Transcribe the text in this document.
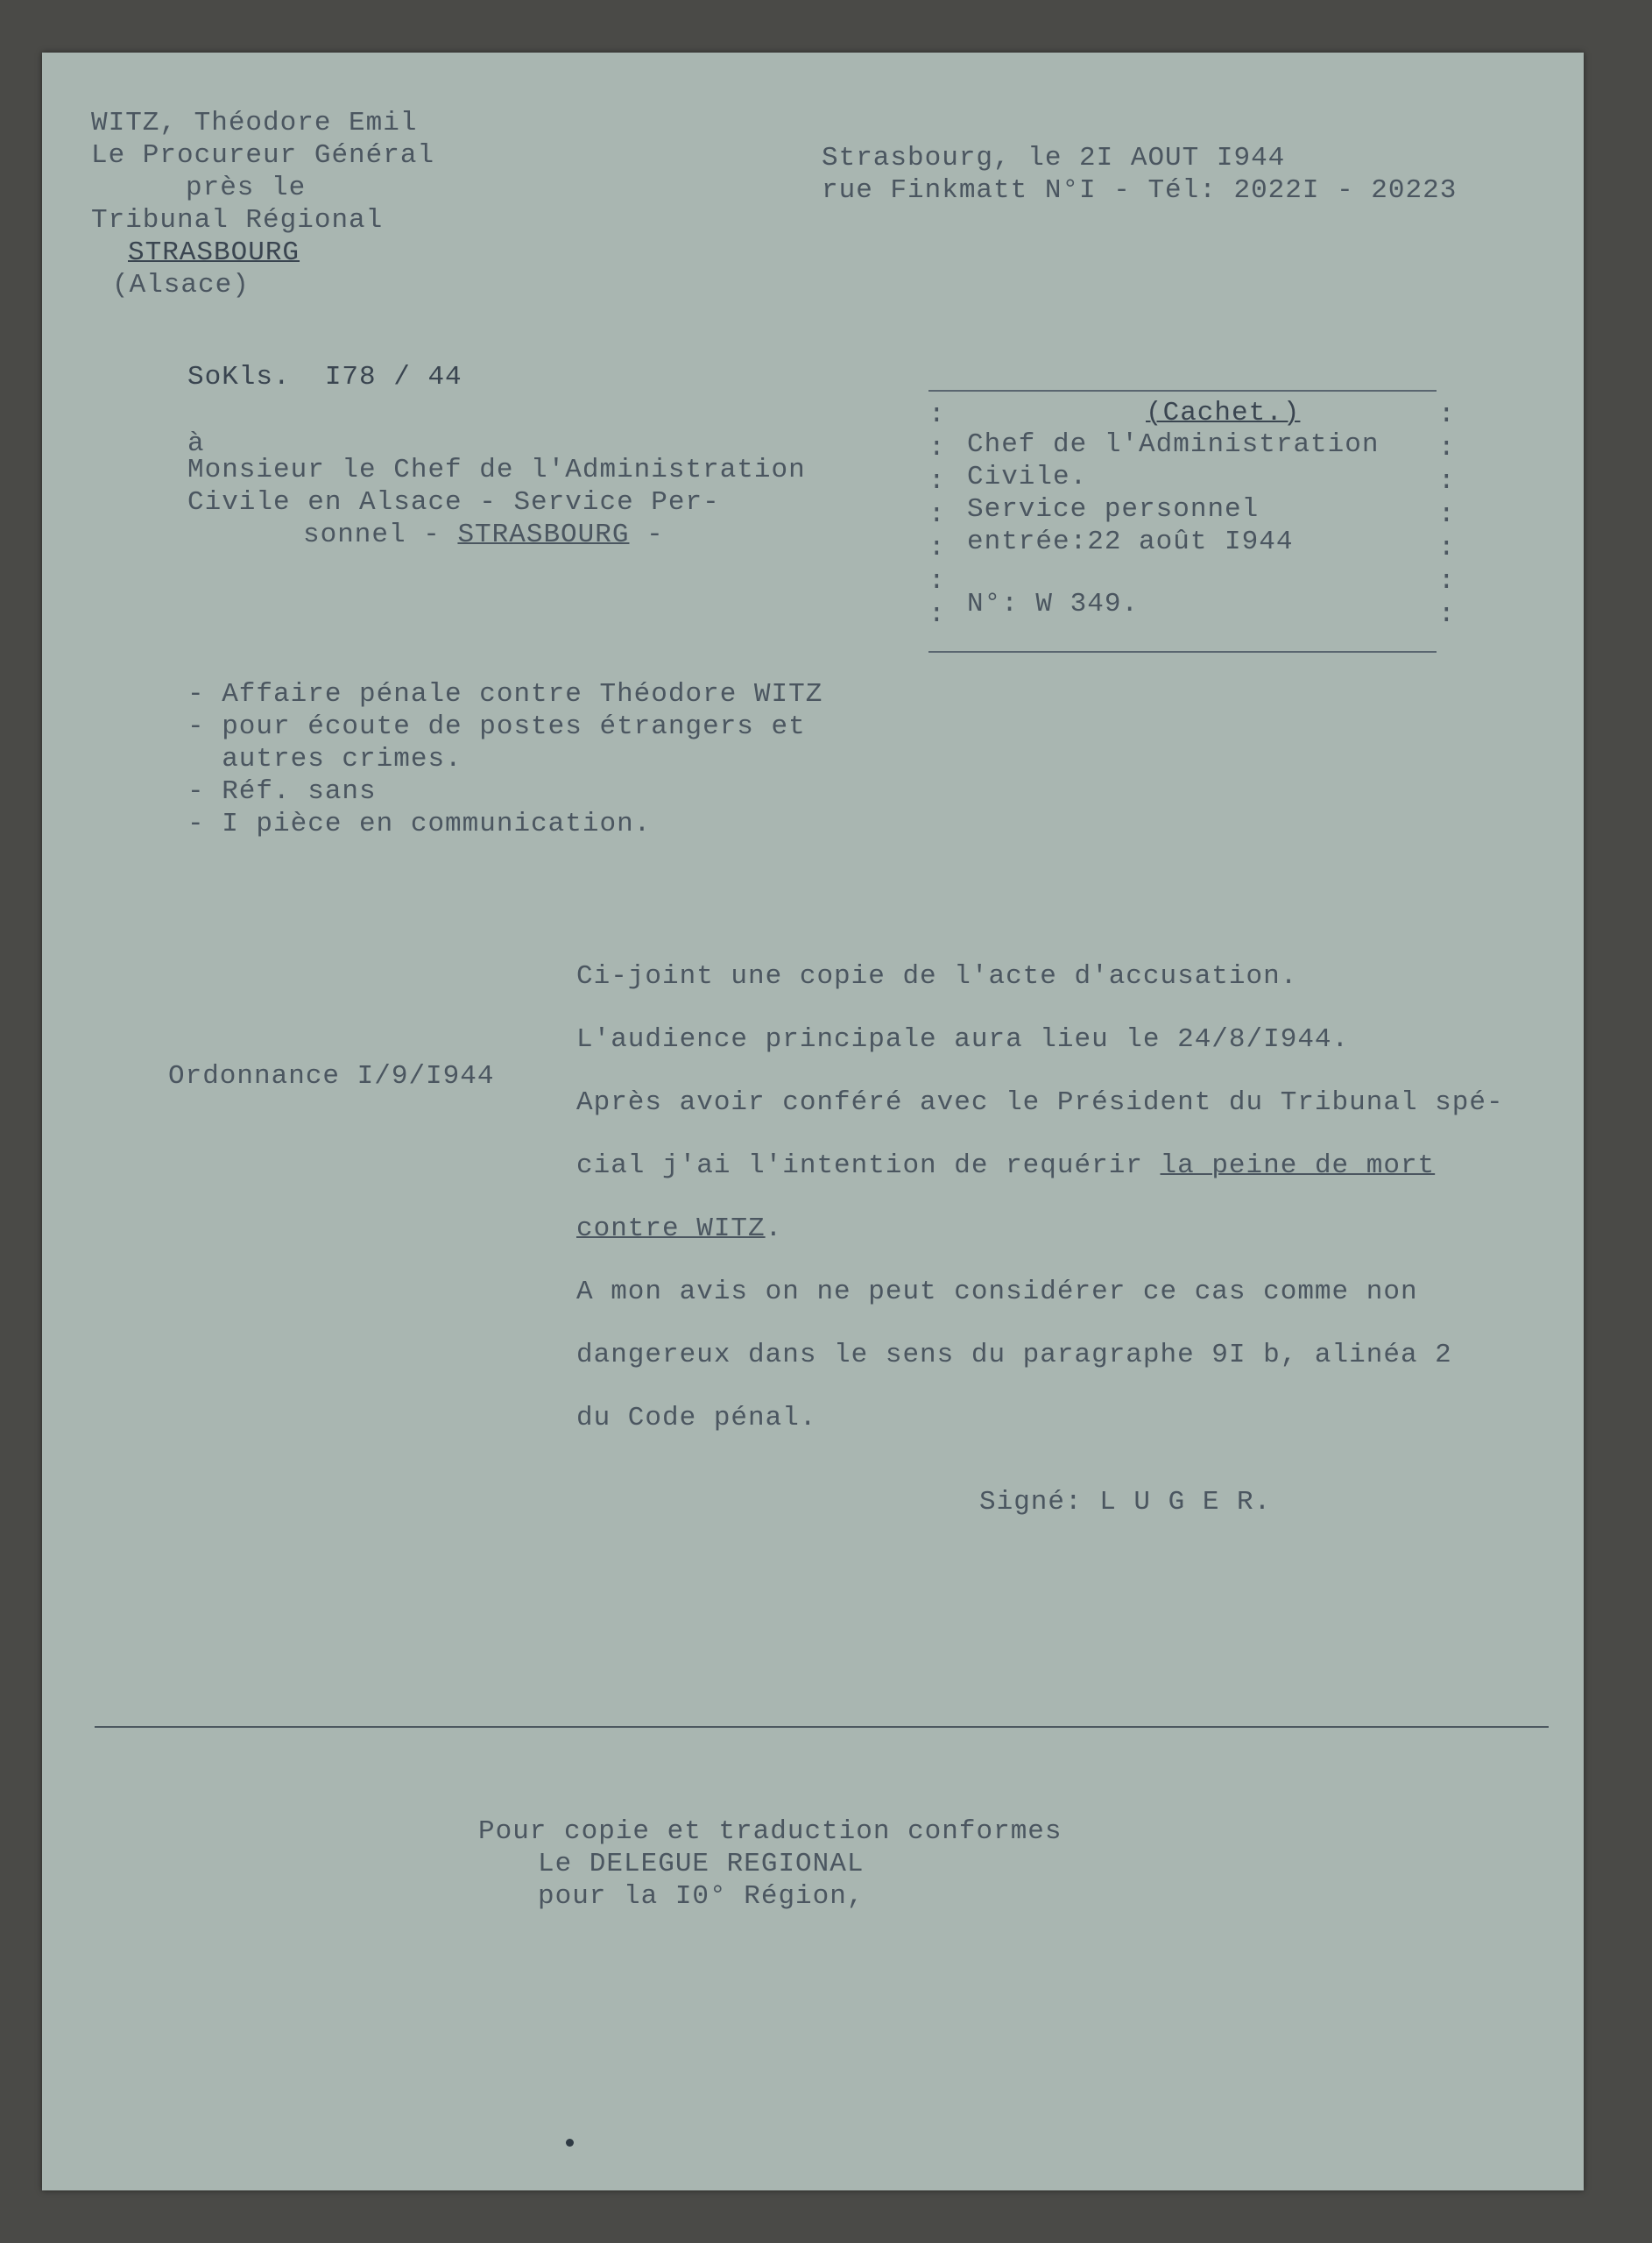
WITZ, Théodore Emil
Le Procureur Général
près le
Tribunal Régional
STRASBOURG
(Alsace)
Strasbourg, le 2I AOUT I944
rue Finkmatt N°I - Tél: 2022I - 20223
SoKls.  I78 / 44
à
Monsieur le Chef de l'Administration
Civile en Alsace - Service Per-
sonnel - STRASBOURG -
:
:
:
:
:
:
:
:
:
:
:
:
:
:
(Cachet.)
Chef de l'Administration
Civile.
Service personnel
entrée:22 août I944
N°: W 349.
- Affaire pénale contre Théodore WITZ
- pour écoute de postes étrangers et
autres crimes.
- Réf. sans
- I pièce en communication.
Ordonnance I/9/I944
Ci-joint une copie de l'acte d'accusation.
L'audience principale aura lieu le 24/8/I944.
Après avoir conféré avec le Président du Tribunal spé-
cial j'ai l'intention de requérir la peine de mort
contre WITZ.
A mon avis on ne peut considérer ce cas comme non
dangereux dans le sens du paragraphe 9I b, alinéa 2
du Code pénal.
Signé: L U G E R.
Pour copie et traduction conformes
Le DELEGUE REGIONAL
pour la I0° Région,
